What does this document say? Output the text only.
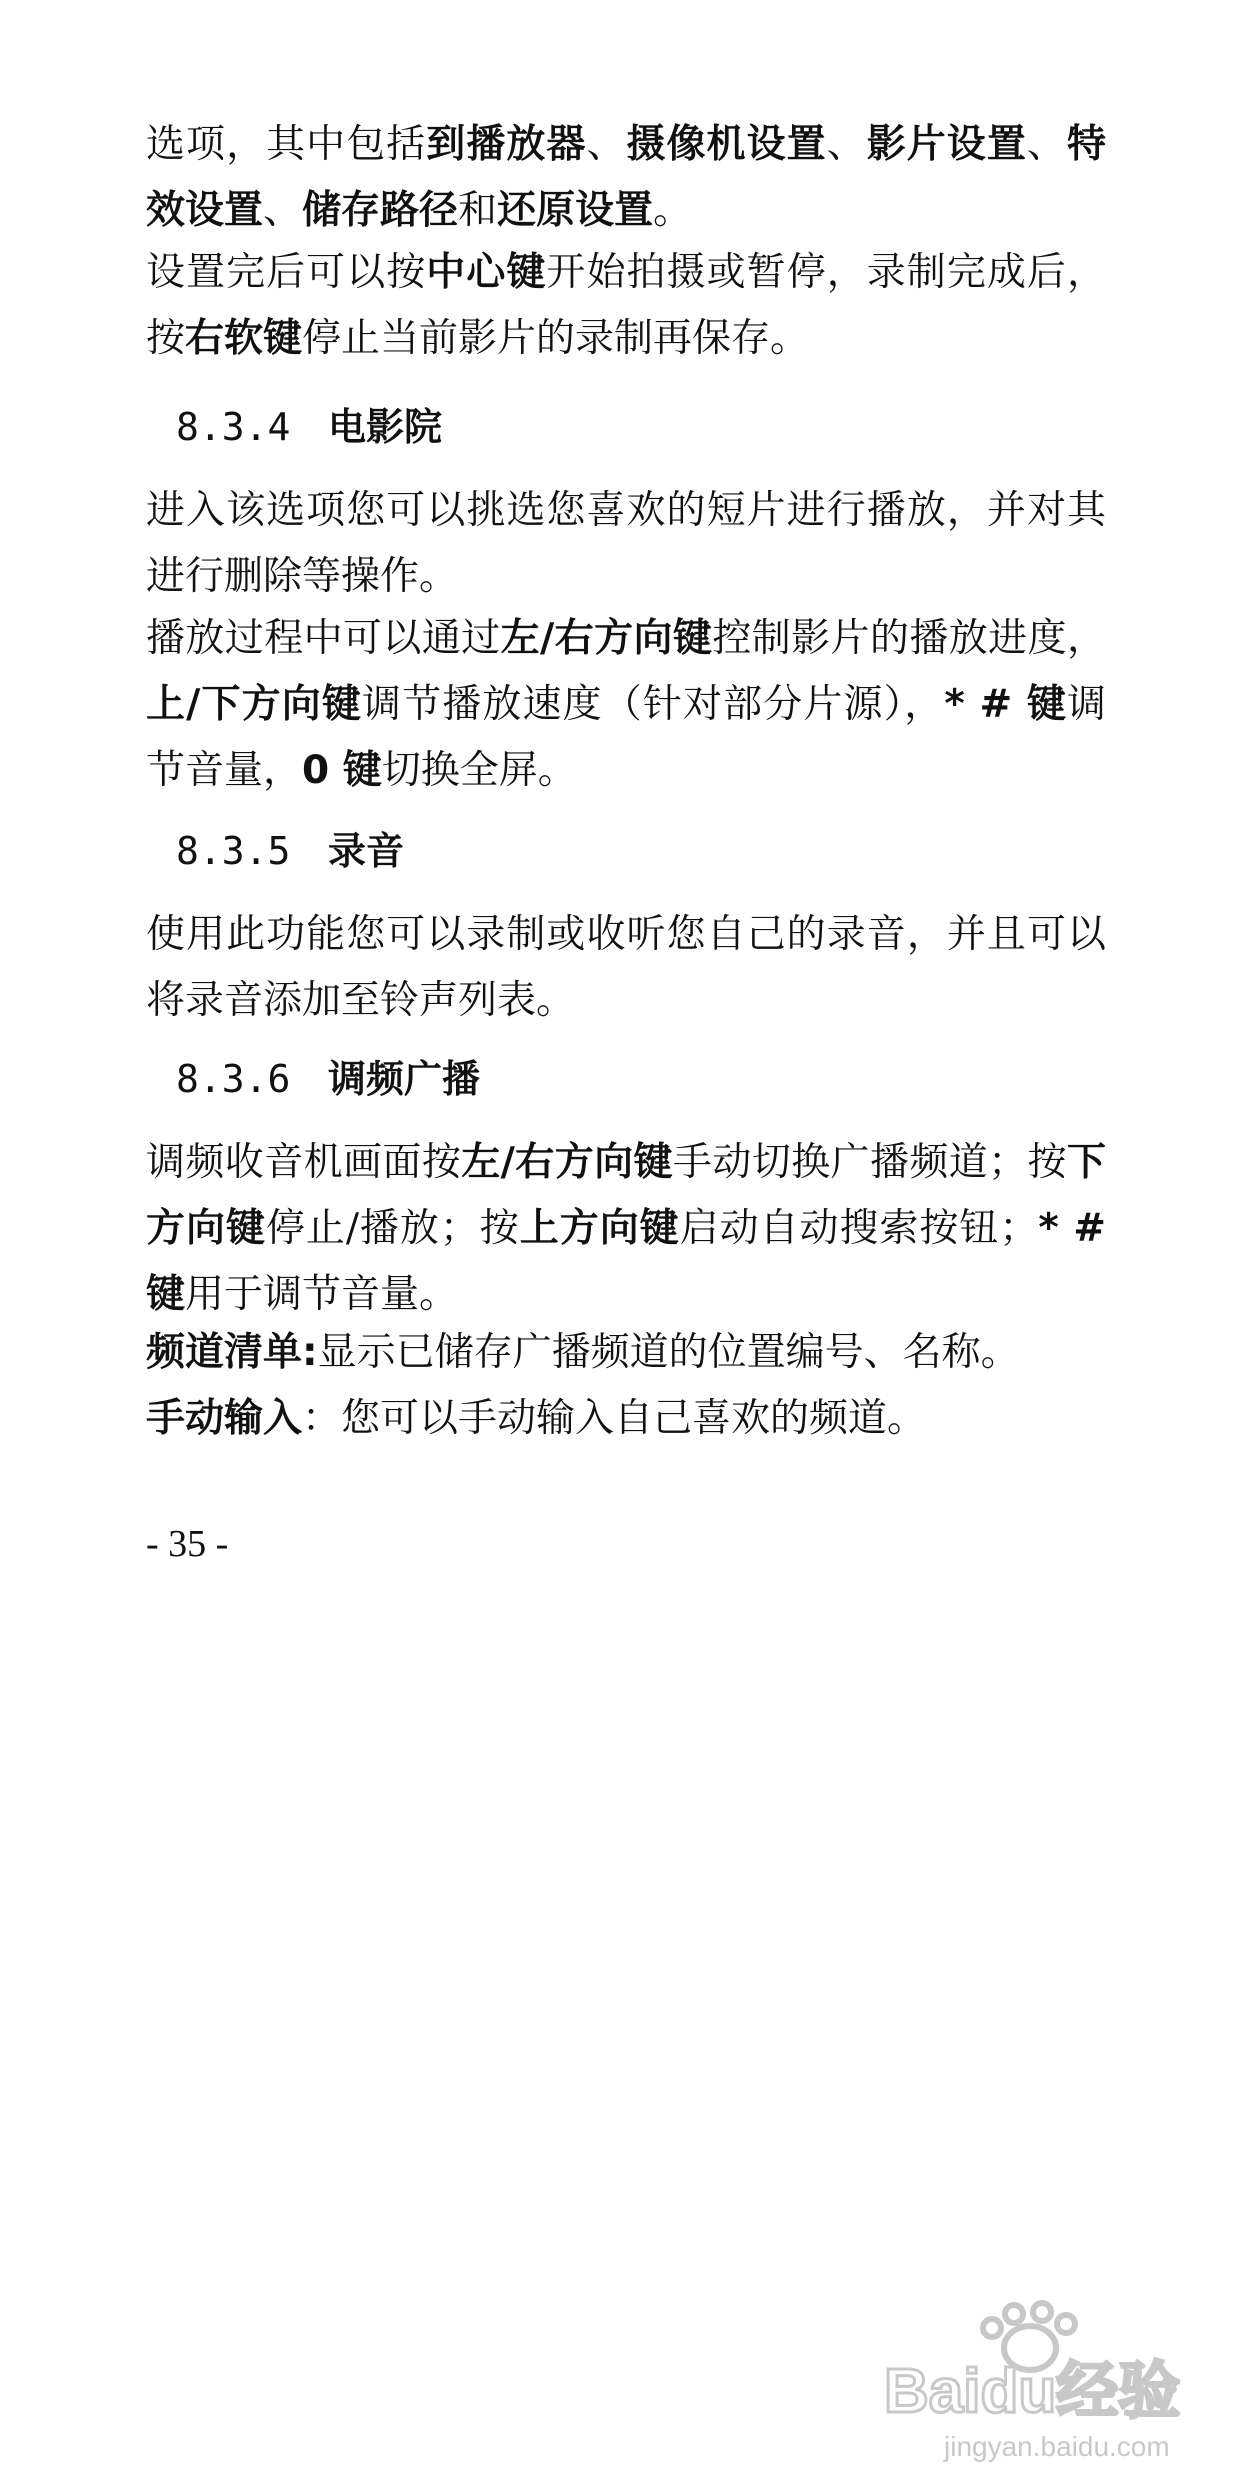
选项，其中包括到播放器、摄像机设置、影片设置、特效设置、储存路径和还原设置。

设置完后可以按中心键开始拍摄或暂停，录制完成后，按右软键停止当前影片的录制再保存。

8.3.4 电影院

进入该选项您可以挑选您喜欢的短片进行播放，并对其进行删除等操作。

播放过程中可以通过左/右方向键控制影片的播放进度，上/下方向键调节播放速度（针对部分片源），* # 键调节音量，0 键切换全屏。

8.3.5 录音

使用此功能您可以录制或收听您自己的录音，并且可以将录音添加至铃声列表。

8.3.6 调频广播

调频收音机画面按左/右方向键手动切换广播频道；按下方向键停止/播放；按上方向键启动自动搜索按钮；* # 键用于调节音量。

频道清单:显示已储存广播频道的位置编号、名称。

手动输入：您可以手动输入自己喜欢的频道。

- 35 -
Baidu经验
jingyan.baidu.com
